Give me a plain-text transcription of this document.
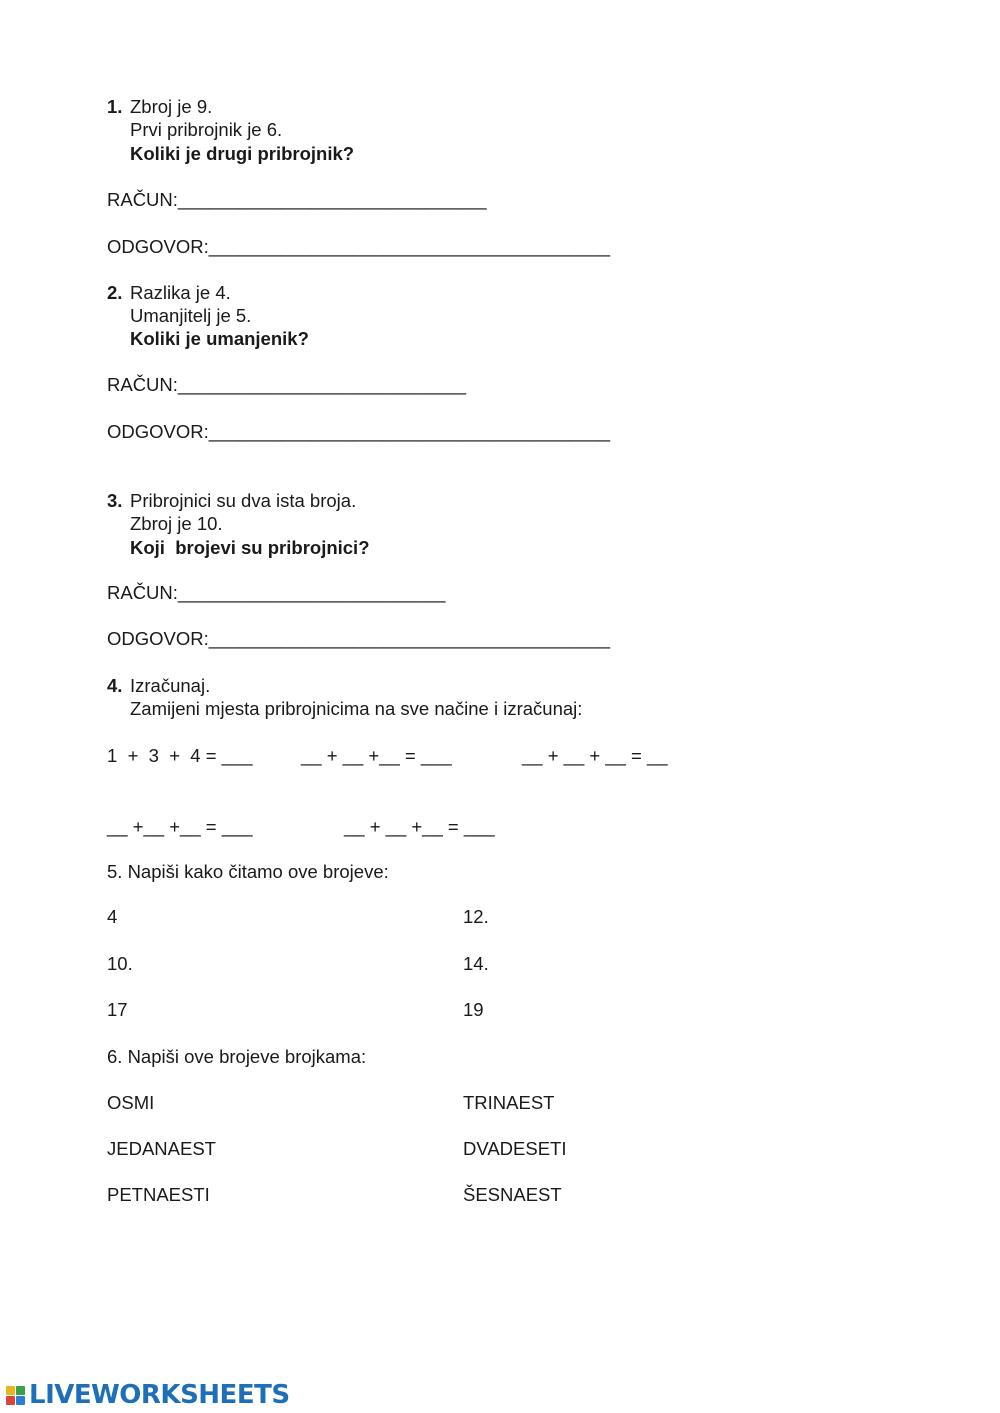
1. Zbroj je 9.
Prvi pribrojnik je 6.
Koliki je drugi pribrojnik?
RAČUN:______________________________
ODGOVOR:_______________________________________
2. Razlika je 4.
Umanjitelj je 5.
Koliki je umanjenik?
RAČUN:____________________________
ODGOVOR:_______________________________________
3. Pribrojnici su dva ista broja.
Zbroj je 10.
Koji  brojevi su pribrojnici?
RAČUN:__________________________
ODGOVOR:_______________________________________
4. Izračunaj.
Zamijeni mjesta pribrojnicima na sve načine i izračunaj:
1  +  3  +  4 = ___	__ + __ +__ = ___	__ + __ + __ = __
__ +__ +__ = ___	__ + __ +__ = ___
5. Napiši kako čitamo ove brojeve:
4	12.
10.	14.
17	19
6. Napiši ove brojeve brojkama:
OSMI	TRINAEST
JEDANAEST	DVADESETI
PETNAESTI	ŠESNAEST
LIVEWORKSHEETS
